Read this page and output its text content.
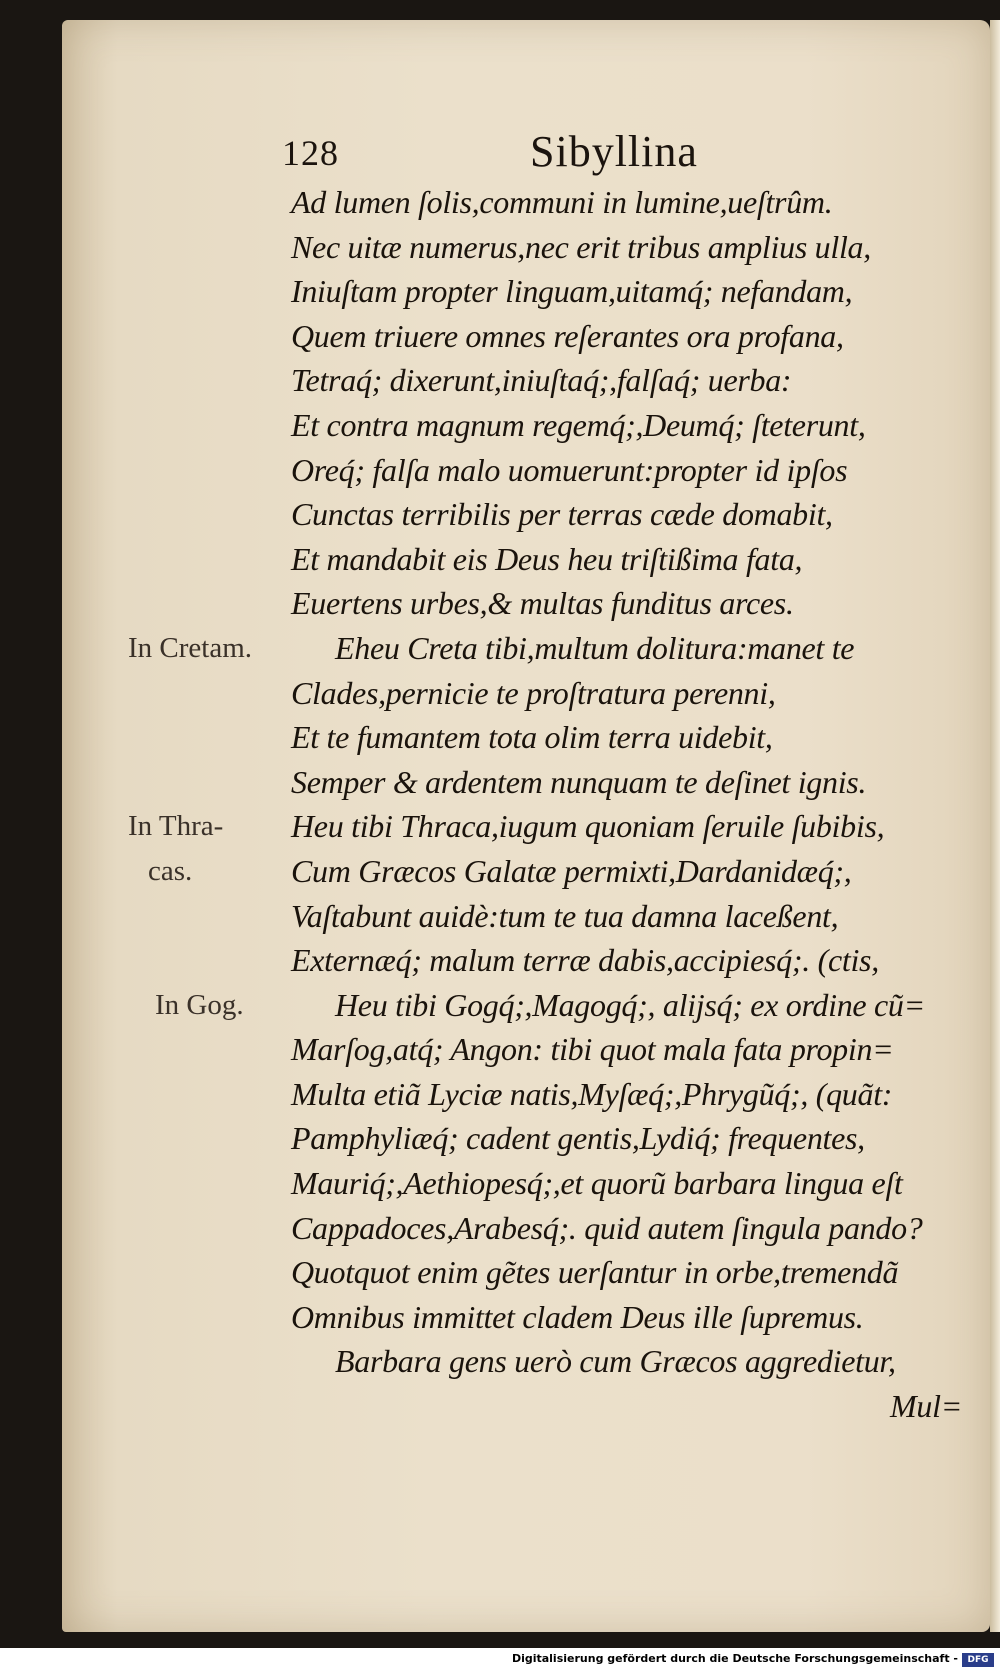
128	Sibyllina
Ad lumen ſolis,communi in lumine,ueſtrûm.
Nec uitæ numerus,nec erit tribus amplius ulla,
Iniuſtam propter linguam,uitamq́; nefandam,
Quem triuere omnes reſerantes ora profana,
Tetraq́; dixerunt,iniuſtaq́;,falſaq́; uerba:
Et contra magnum regemq́;,Deumq́; ſteterunt,
Oreq́; falſa malo uomuerunt:propter id ipſos
Cunctas terribilis per terras cæde domabit,
Et mandabit eis Deus heu triſtißima fata,
Euertens urbes,& multas funditus arces.
In Cretam.	Eheu Creta tibi,multum dolitura:manet te
Clades,pernicie te proſtratura perenni,
Et te fumantem tota olim terra uidebit,
Semper & ardentem nunquam te deſinet ignis.
In Thra- Heu tibi Thraca,iugum quoniam ſeruile ſubibis,
cas.	Cum Græcos Galatæ permixti,Dardanidæq́;,
Vaſtabunt auidè:tum te tua damna laceßent,
Externæq́; malum terræ dabis,accipiesq́;. (ctis,
In Gog.	Heu tibi Gogq́;,Magogq́;, aliјsq́; ex ordine cũ=
Marſog,atq́; Angon: tibi quot mala fata propin=
Multa etiã Lyciæ natis,Myſæq́;,Phrygũq́;, (quãt:
Pamphyliæq́; cadent gentis,Lydiq́; frequentes,
Mauriq́;,Aethiopesq́;,et quorũ barbara lingua eſt
Cappadoces,Arabesq́;. quid autem ſingula pando?
Quotquot enim gẽtes uerſantur in orbe,tremendã
Omnibus immittet cladem Deus ille ſupremus.
Barbara gens uerò cum Græcos aggredietur,
Mul=
Digitalisierung gefördert durch die Deutsche Forschungsgemeinschaft -	DFG
